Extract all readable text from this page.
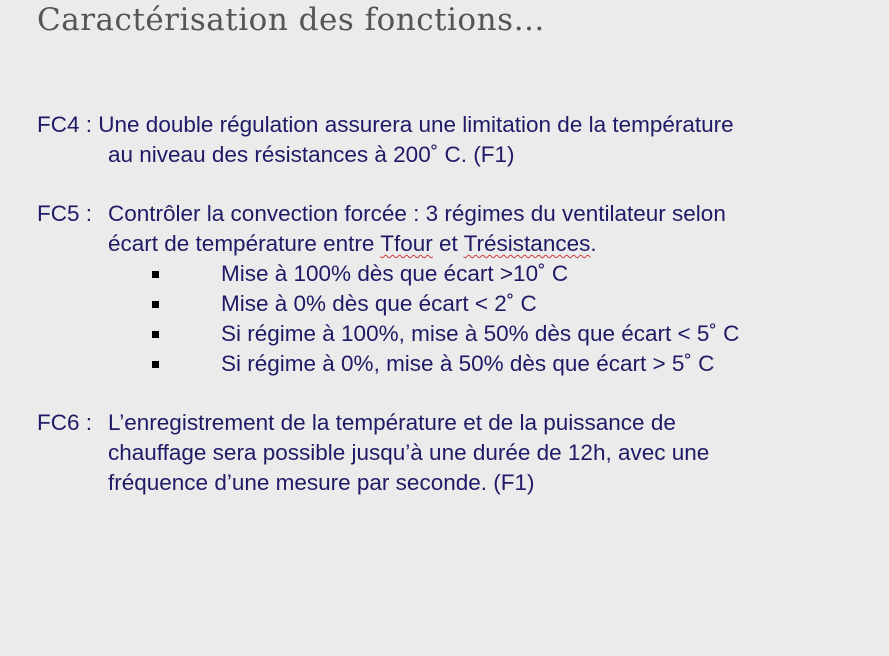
Caractérisation des fonctions…
FC4 : Une double régulation assurera une limitation de la température
au niveau des résistances à 200˚ C. (F1)
FC5 : Contrôler la convection forcée : 3 régimes du ventilateur selon
écart de température entre Tfour et Trésistances.
Mise à 100% dès que écart >10˚ C
Mise à 0% dès que écart < 2˚ C
Si régime à 100%, mise à 50% dès que écart < 5˚ C
Si régime à 0%, mise à 50% dès que écart > 5˚ C
FC6 : L’enregistrement de la température et de la puissance de
chauffage sera possible jusqu’à une durée de 12h, avec une
fréquence d’une mesure par seconde. (F1)
